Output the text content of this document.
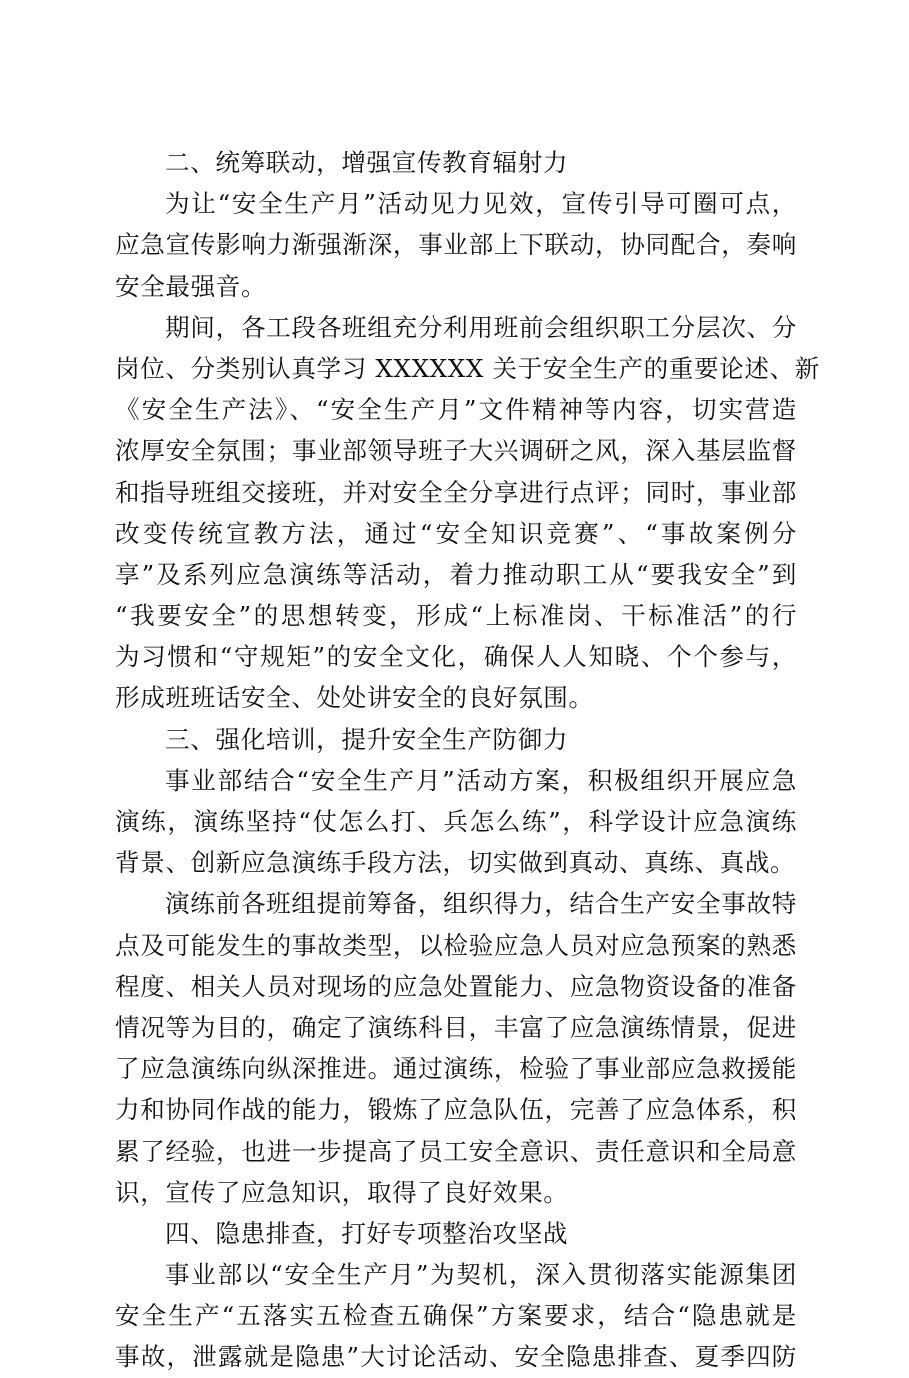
二、统筹联动，增强宣传教育辐射力
为让“安全生产月”活动见力见效，宣传引导可圈可点，
应急宣传影响力渐强渐深，事业部上下联动，协同配合，奏响
安全最强音。
期间，各工段各班组充分利用班前会组织职工分层次、分
岗位、分类别认真学习 XXXXXX 关于安全生产的重要论述、新
《安全生产法》、“安全生产月”文件精神等内容，切实营造
浓厚安全氛围；事业部领导班子大兴调研之风，深入基层监督
和指导班组交接班，并对安全全分享进行点评；同时，事业部
改变传统宣教方法，通过“安全知识竞赛”、“事故案例分
享”及系列应急演练等活动，着力推动职工从“要我安全”到
“我要安全”的思想转变，形成“上标准岗、干标准活”的行
为习惯和“守规矩”的安全文化，确保人人知晓、个个参与，
形成班班话安全、处处讲安全的良好氛围。
三、强化培训，提升安全生产防御力
事业部结合“安全生产月”活动方案，积极组织开展应急
演练，演练坚持“仗怎么打、兵怎么练”，科学设计应急演练
背景、创新应急演练手段方法，切实做到真动、真练、真战。
演练前各班组提前筹备，组织得力，结合生产安全事故特
点及可能发生的事故类型，以检验应急人员对应急预案的熟悉
程度、相关人员对现场的应急处置能力、应急物资设备的准备
情况等为目的，确定了演练科目，丰富了应急演练情景，促进
了应急演练向纵深推进。通过演练，检验了事业部应急救援能
力和协同作战的能力，锻炼了应急队伍，完善了应急体系，积
累了经验，也进一步提高了员工安全意识、责任意识和全局意
识，宣传了应急知识，取得了良好效果。
四、隐患排查，打好专项整治攻坚战
事业部以“安全生产月”为契机，深入贯彻落实能源集团
安全生产“五落实五检查五确保”方案要求，结合“隐患就是
事故，泄露就是隐患”大讨论活动、安全隐患排查、夏季四防
